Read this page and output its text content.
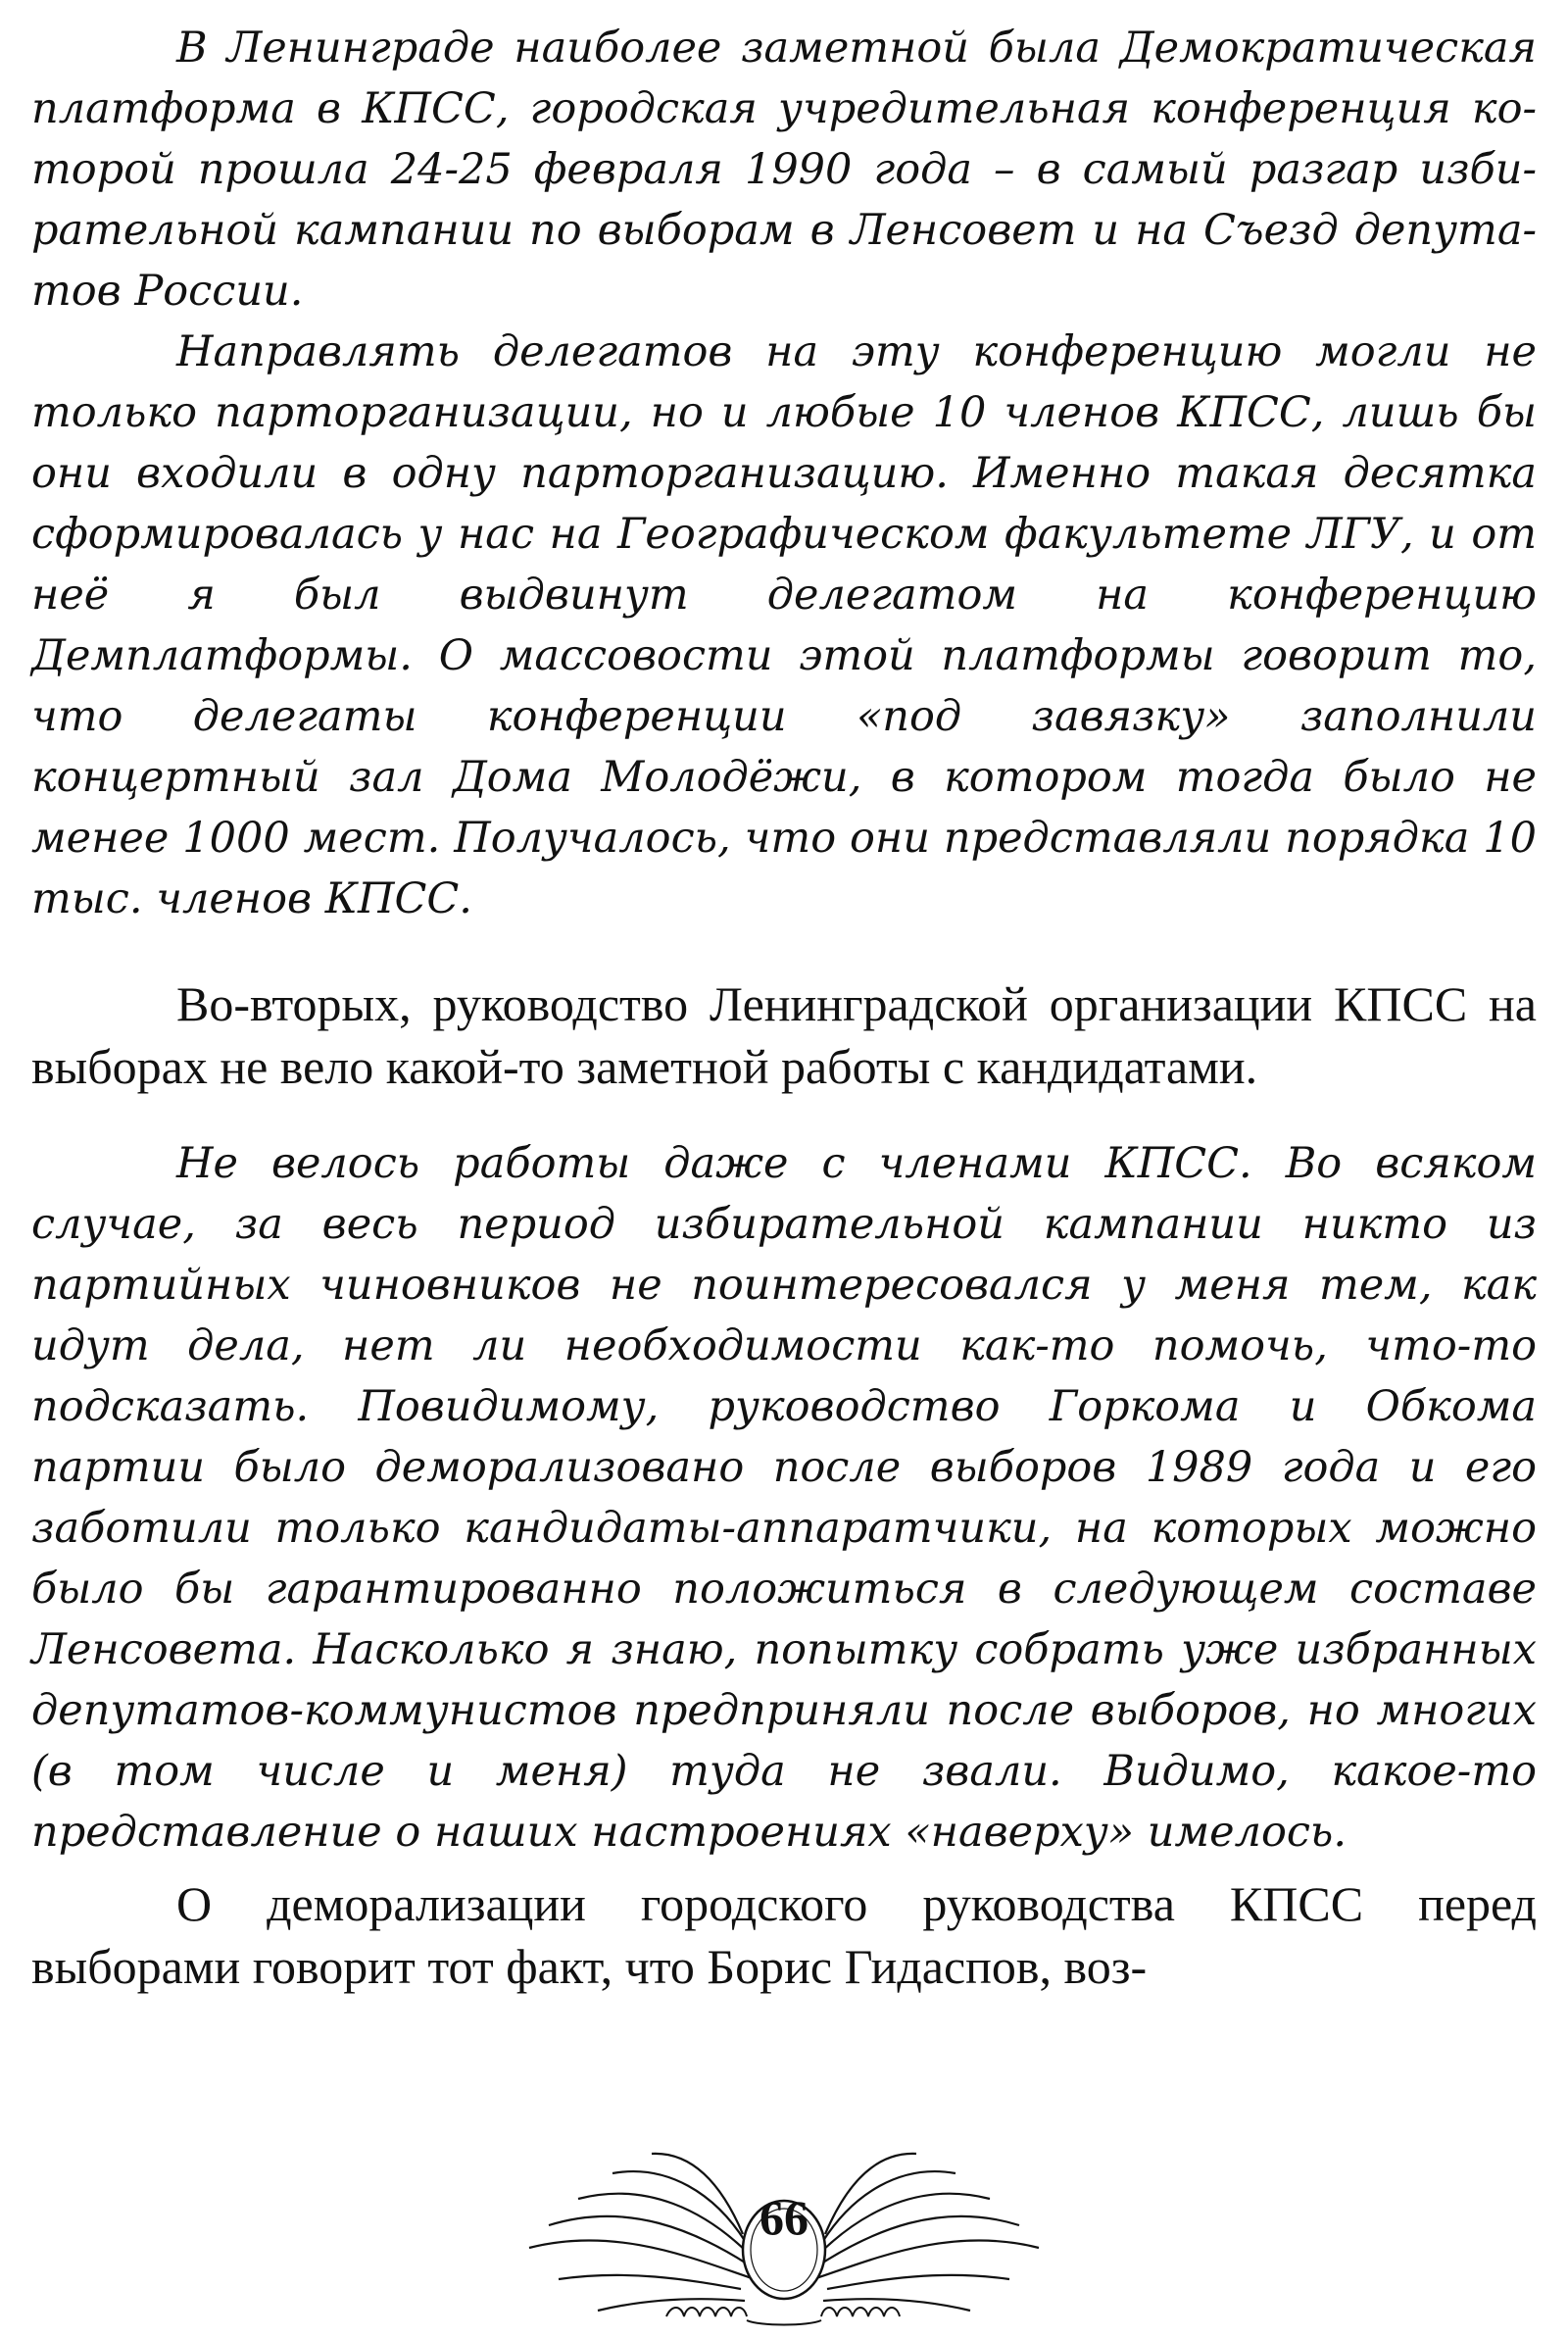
В Ленинграде наиболее заметной была Демократическая платформа в КПСС, городская учредительная конференция которой прошла 24-25 февраля 1990 года – в самый разгар избирательной кампании по выборам в Ленсовет и на Съезд депутатов России.

Направлять делегатов на эту конференцию могли не только парторганизации, но и любые 10 членов КПСС, лишь бы они входили в одну парторганизацию. Именно такая десятка сформировалась у нас на Географическом факультете ЛГУ, и от неё я был выдвинут делегатом на конференцию Демплатформы. О массовости этой платформы говорит то, что делегаты конференции «под завязку» заполнили концертный зал Дома Молодёжи, в котором тогда было не менее 1000 мест. Получалось, что они представляли порядка 10 тыс. членов КПСС.

Во-вторых, руководство Ленинградской организации КПСС на выборах не вело какой-то заметной работы с кандидатами.

Не велось работы даже с членами КПСС. Во всяком случае, за весь период избирательной кампании никто из партийных чиновников не поинтересовался у меня тем, как идут дела, нет ли необходимости как-то помочь, что-то подсказать. Повидимому, руководство Горкома и Обкома партии было деморализовано после выборов 1989 года и его заботили только кандидаты-аппаратчики, на которых можно было бы гарантированно положиться в следующем составе Ленсовета. Насколько я знаю, попытку собрать уже избранных депутатов-коммунистов предприняли после выборов, но многих (в том числе и меня) туда не звали. Видимо, какое-то представление о наших настроениях «наверху» имелось.

О деморализации городского руководства КПСС перед выборами говорит тот факт, что Борис Гидаспов, воз-

66
